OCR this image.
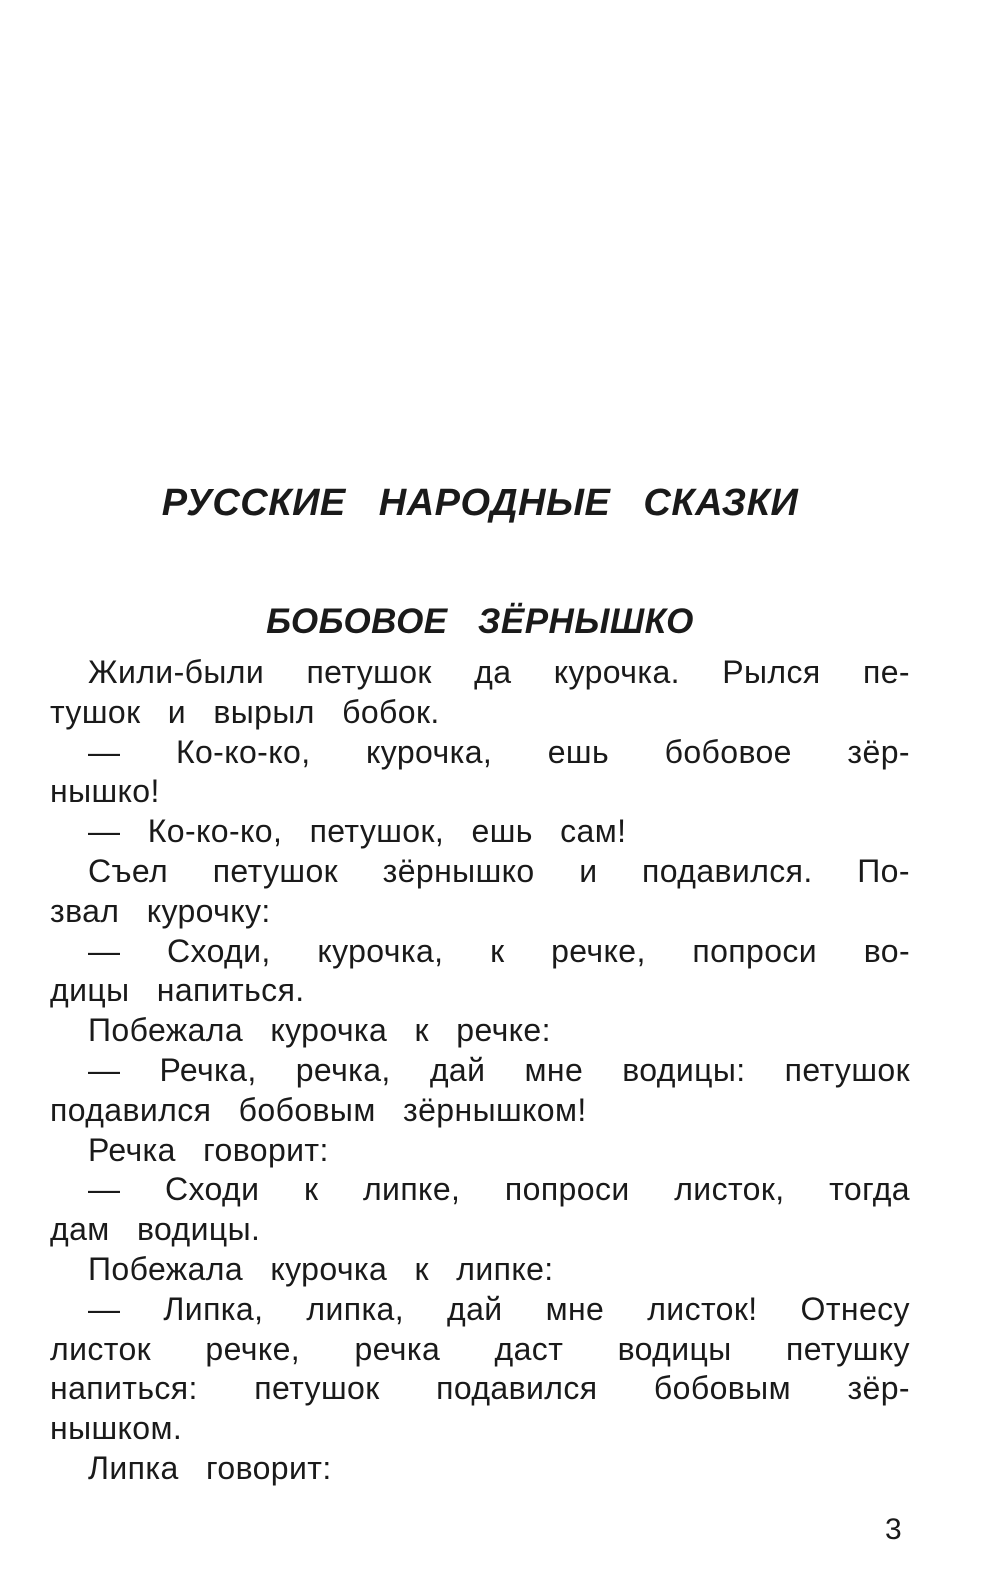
РУССКИЕ НАРОДНЫЕ СКАЗКИ
БОБОВОЕ ЗЁРНЫШКО
Жили-были петушок да курочка. Рылся пе-
тушок
и
вырыл
бобок.
— Ко-ко-ко, курочка, ешь бобовое зёр-
нышко!
—
Ко-ко-ко,
петушок,
ешь
сам!
Съел петушок зёрнышко и подавился. По-
звал
курочку:
— Сходи, курочка, к речке, попроси во-
дицы
напиться.
Побежала
курочка
к
речке:
— Речка, речка, дай мне водицы: петушок
подавился
бобовым
зёрнышком!
Речка
говорит:
— Сходи к липке, попроси листок, тогда
дам
водицы.
Побежала
курочка
к
липке:
— Липка, липка, дай мне листок! Отнесу
листок речке, речка даст водицы петушку
напиться: петушок подавился бобовым зёр-
нышком.
Липка
говорит:
3
